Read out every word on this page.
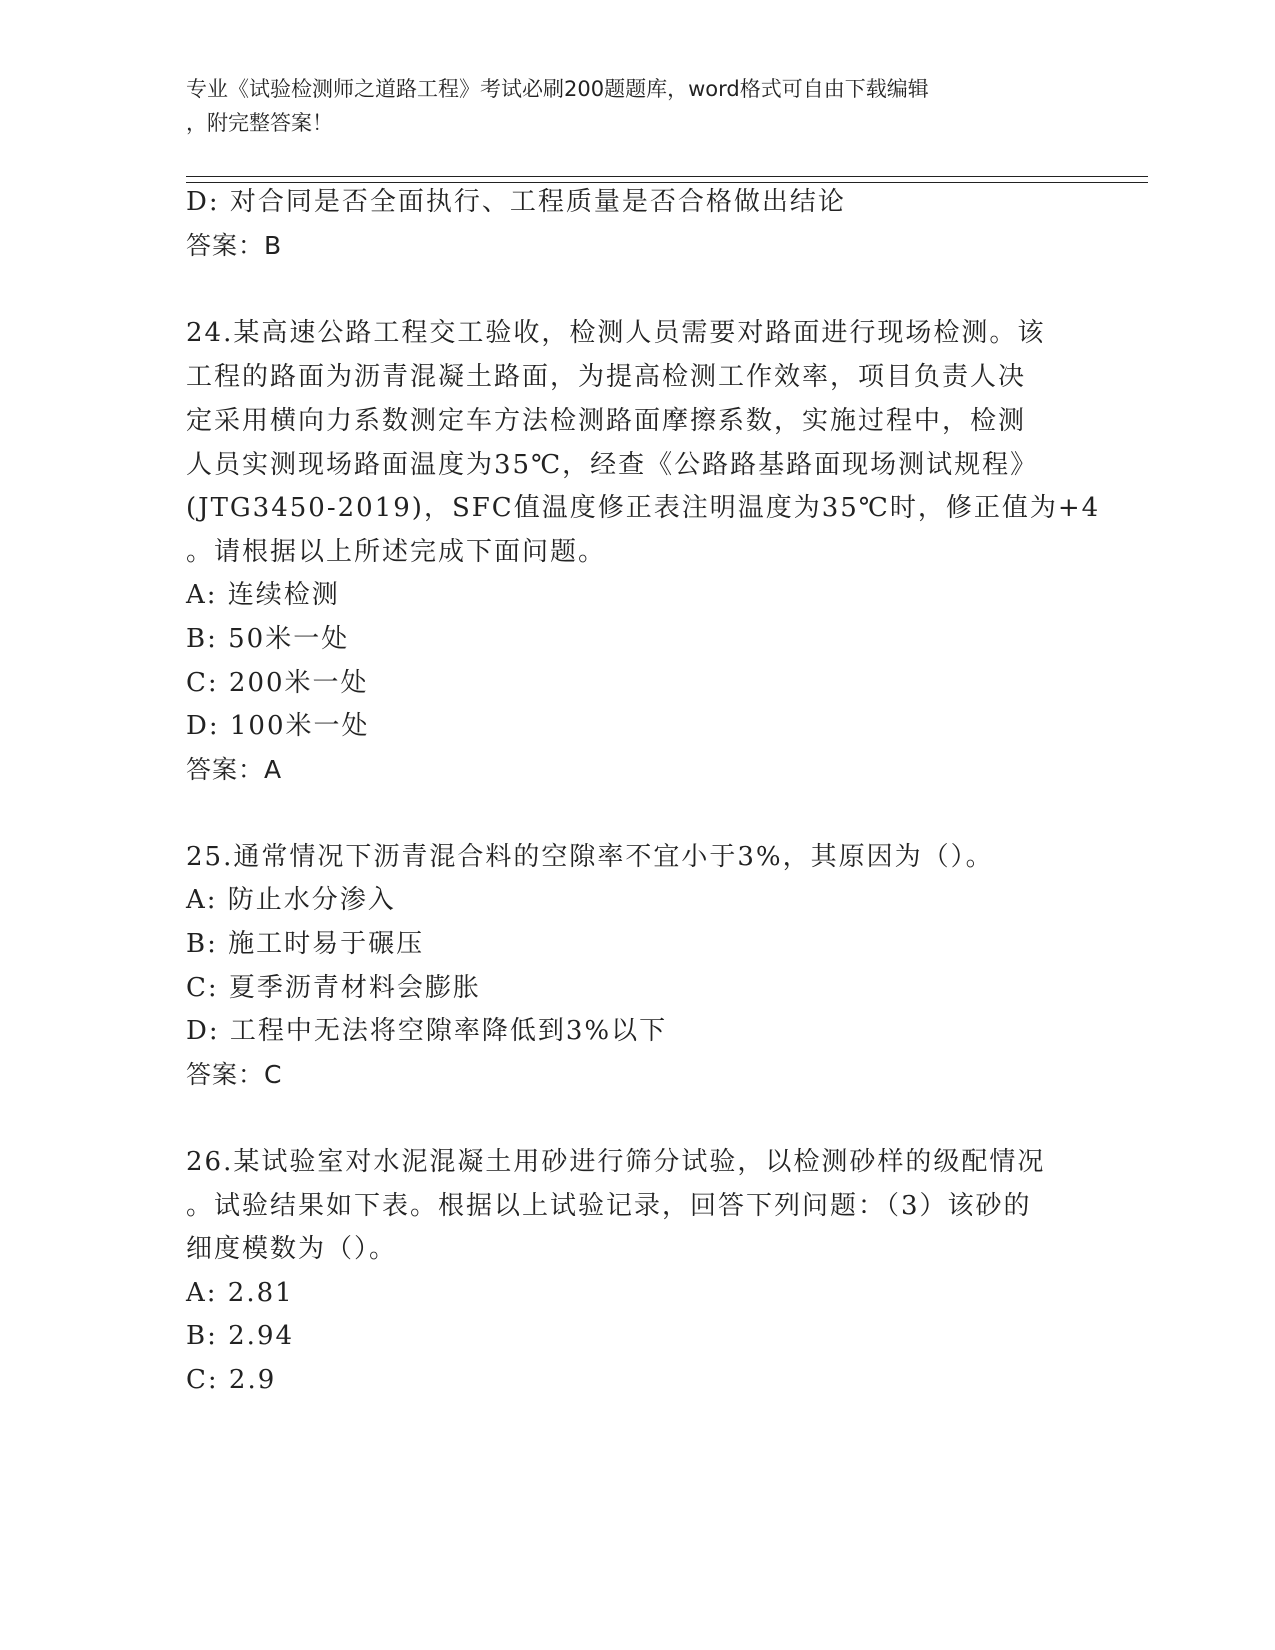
专业《试验检测师之道路工程》考试必刷200题题库，word格式可自由下载编辑
，附完整答案！
D: 对合同是否全面执行、工程质量是否合格做出结论
答案：B
24.某高速公路工程交工验收，检测人员需要对路面进行现场检测。该
工程的路面为沥青混凝土路面，为提高检测工作效率，项目负责人决
定采用横向力系数测定车方法检测路面摩擦系数，实施过程中，检测
人员实测现场路面温度为35℃，经查《公路路基路面现场测试规程》
(JTG3450-2019)，SFC值温度修正表注明温度为35℃时，修正值为+4
。请根据以上所述完成下面问题。
A: 连续检测
B: 50米一处
C: 200米一处
D: 100米一处
答案：A
25.通常情况下沥青混合料的空隙率不宜小于3%，其原因为（）。
A: 防止水分渗入
B: 施工时易于碾压
C: 夏季沥青材料会膨胀
D: 工程中无法将空隙率降低到3%以下
答案：C
26.某试验室对水泥混凝土用砂进行筛分试验，以检测砂样的级配情况
。试验结果如下表。根据以上试验记录，回答下列问题：（3）该砂的
细度模数为（）。
A: 2.81
B: 2.94
C: 2.9
